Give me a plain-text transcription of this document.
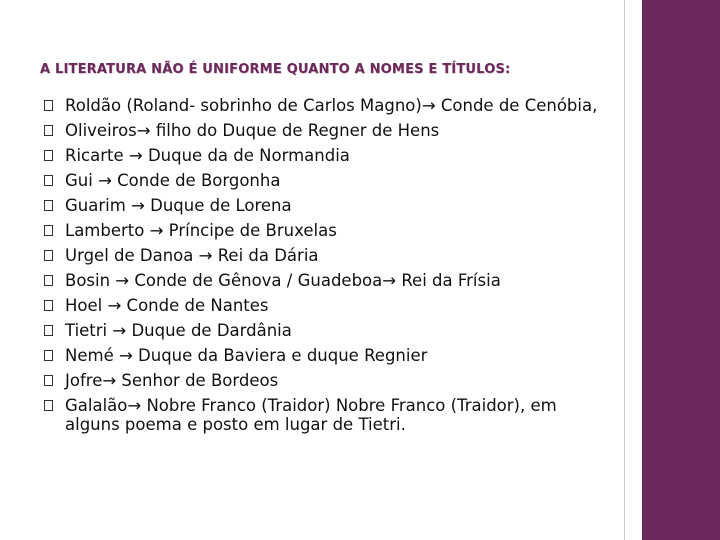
A LITERATURA NÃO É UNIFORME QUANTO A NOMES E TÍTULOS:
Roldão (Roland- sobrinho de Carlos Magno)→ Conde de Cenóbia,
Oliveiros→ filho do Duque de Regner de Hens
Ricarte → Duque da de Normandia
Gui → Conde de Borgonha
Guarim → Duque de Lorena
Lamberto → Príncipe de Bruxelas
Urgel de Danoa → Rei da Dária
Bosin → Conde de Gênova / Guadeboa→ Rei da Frísia
Hoel → Conde de Nantes
Tietri → Duque de Dardânia
Nemé → Duque da Baviera e duque Regnier
Jofre→ Senhor de Bordeos
Galalão→ Nobre Franco (Traidor) Nobre Franco (Traidor), em alguns poema e posto em lugar de Tietri.
